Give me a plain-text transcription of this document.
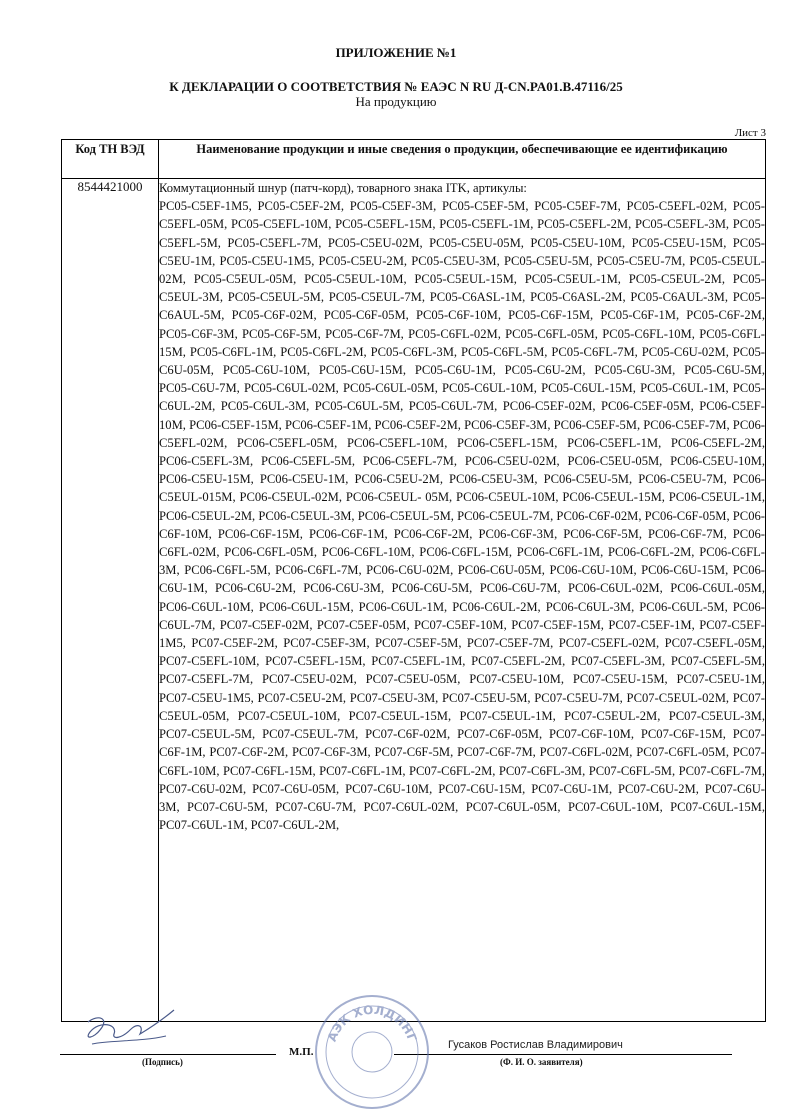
ПРИЛОЖЕНИЕ №1
К ДЕКЛАРАЦИИ О СООТВЕТСТВИЯ № ЕАЭС N RU Д-CN.PA01.B.47116/25
На продукцию
Лист 3
Код ТН ВЭД	Наименование продукции и иные сведения о продукции, обеспечивающие ее идентификацию
8544421000	Коммутационный шнур (патч-корд), товарного знака ITK, артикулы:

PC05-C5EF-1M5, PC05-C5EF-2M, PC05-C5EF-3M, PC05-C5EF-5M, PC05-C5EF-7M, PC05-C5EFL-02M, PC05-C5EFL-05M, PC05-C5EFL-10M, PC05-C5EFL-15M, PC05-C5EFL-1M, PC05-C5EFL-2M, PC05-C5EFL-3M, PC05-C5EFL-5M, PC05-C5EFL-7M, PC05-C5EU-02M, PC05-C5EU-05M, PC05-C5EU-10M, PC05-C5EU-15M, PC05-C5EU-1M, PC05-C5EU-1M5, PC05-C5EU-2M, PC05-C5EU-3M, PC05-C5EU-5M, PC05-C5EU-7M, PC05-C5EUL-02M, PC05-C5EUL-05M, PC05-C5EUL-10M, PC05-C5EUL-15M, PC05-C5EUL-1M, PC05-C5EUL-2M, PC05-C5EUL-3M, PC05-C5EUL-5M, PC05-C5EUL-7M, PC05-C6ASL-1M, PC05-C6ASL-2M, PC05-C6AUL-3M, PC05-C6AUL-5M, PC05-C6F-02M, PC05-C6F-05M, PC05-C6F-10M, PC05-C6F-15M, PC05-C6F-1M, PC05-C6F-2M, PC05-C6F-3M, PC05-C6F-5M, PC05-C6F-7M, PC05-C6FL-02M, PC05-C6FL-05M, PC05-C6FL-10M, PC05-C6FL-15M, PC05-C6FL-1M, PC05-C6FL-2M, PC05-C6FL-3M, PC05-C6FL-5M, PC05-C6FL-7M, PC05-C6U-02M, PC05-C6U-05M, PC05-C6U-10M, PC05-C6U-15M, PC05-C6U-1M, PC05-C6U-2M, PC05-C6U-3M, PC05-C6U-5M, PC05-C6U-7M, PC05-C6UL-02M, PC05-C6UL-05M, PC05-C6UL-10M, PC05-C6UL-15M, PC05-C6UL-1M, PC05-C6UL-2M, PC05-C6UL-3M, PC05-C6UL-5M, PC05-C6UL-7M, PC06-C5EF-02M, PC06-C5EF-05M, PC06-C5EF-10M, PC06-C5EF-15M, PC06-C5EF-1M, PC06-C5EF-2M, PC06-C5EF-3M, PC06-C5EF-5M, PC06-C5EF-7M, PC06-C5EFL-02M, PC06-C5EFL-05M, PC06-C5EFL-10M, PC06-C5EFL-15M, PC06-C5EFL-1M, PC06-C5EFL-2M, PC06-C5EFL-3M, PC06-C5EFL-5M, PC06-C5EFL-7M, PC06-C5EU-02M, PC06-C5EU-05M, PC06-C5EU-10M, PC06-C5EU-15M, PC06-C5EU-1M, PC06-C5EU-2M, PC06-C5EU-3M, PC06-C5EU-5M, PC06-C5EU-7M, PC06-C5EUL-015M, PC06-C5EUL-02M, PC06-C5EUL- 05M, PC06-C5EUL-10M, PC06-C5EUL-15M, PC06-C5EUL-1M, PC06-C5EUL-2M, PC06-C5EUL-3M, PC06-C5EUL-5M, PC06-C5EUL-7M, PC06-C6F-02M, PC06-C6F-05M, PC06-C6F-10M, PC06-C6F-15M, PC06-C6F-1M, PC06-C6F-2M, PC06-C6F-3M, PC06-C6F-5M, PC06-C6F-7M, PC06-C6FL-02M, PC06-C6FL-05M, PC06-C6FL-10M, PC06-C6FL-15M, PC06-C6FL-1M, PC06-C6FL-2M, PC06-C6FL-3M, PC06-C6FL-5M, PC06-C6FL-7M, PC06-C6U-02M, PC06-C6U-05M, PC06-C6U-10M, PC06-C6U-15M, PC06-C6U-1M, PC06-C6U-2M, PC06-C6U-3M, PC06-C6U-5M, PC06-C6U-7M, PC06-C6UL-02M, PC06-C6UL-05M, PC06-C6UL-10M, PC06-C6UL-15M, PC06-C6UL-1M, PC06-C6UL-2M, PC06-C6UL-3M, PC06-C6UL-5M, PC06-C6UL-7M, PC07-C5EF-02M, PC07-C5EF-05M, PC07-C5EF-10M, PC07-C5EF-15M, PC07-C5EF-1M, PC07-C5EF-1M5, PC07-C5EF-2M, PC07-C5EF-3M, PC07-C5EF-5M, PC07-C5EF-7M, PC07-C5EFL-02M, PC07-C5EFL-05M, PC07-C5EFL-10M, PC07-C5EFL-15M, PC07-C5EFL-1M, PC07-C5EFL-2M, PC07-C5EFL-3M, PC07-C5EFL-5M, PC07-C5EFL-7M, PC07-C5EU-02M, PC07-C5EU-05M, PC07-C5EU-10M, PC07-C5EU-15M, PC07-C5EU-1M, PC07-C5EU-1M5, PC07-C5EU-2M, PC07-C5EU-3M, PC07-C5EU-5M, PC07-C5EU-7M, PC07-C5EUL-02M, PC07-C5EUL-05M, PC07-C5EUL-10M, PC07-C5EUL-15M, PC07-C5EUL-1M, PC07-C5EUL-2M, PC07-C5EUL-3M, PC07-C5EUL-5M, PC07-C5EUL-7M, PC07-C6F-02M, PC07-C6F-05M, PC07-C6F-10M, PC07-C6F-15M, PC07-C6F-1M, PC07-C6F-2M, PC07-C6F-3M, PC07-C6F-5M, PC07-C6F-7M, PC07-C6FL-02M, PC07-C6FL-05M, PC07-C6FL-10M, PC07-C6FL-15M, PC07-C6FL-1M, PC07-C6FL-2M, PC07-C6FL-3M, PC07-C6FL-5M, PC07-C6FL-7M, PC07-C6U-02M, PC07-C6U-05M, PC07-C6U-10M, PC07-C6U-15M, PC07-C6U-1M, PC07-C6U-2M, PC07-C6U-3M, PC07-C6U-5M, PC07-C6U-7M, PC07-C6UL-02M, PC07-C6UL-05M, PC07-C6UL-10M, PC07-C6UL-15M, PC07-C6UL-1M, PC07-C6UL-2M,

(Подпись)
М.П.
Гусаков Ростислав Владимирович
(Ф. И. О. заявителя)
АЭК ХОЛДИНГ
